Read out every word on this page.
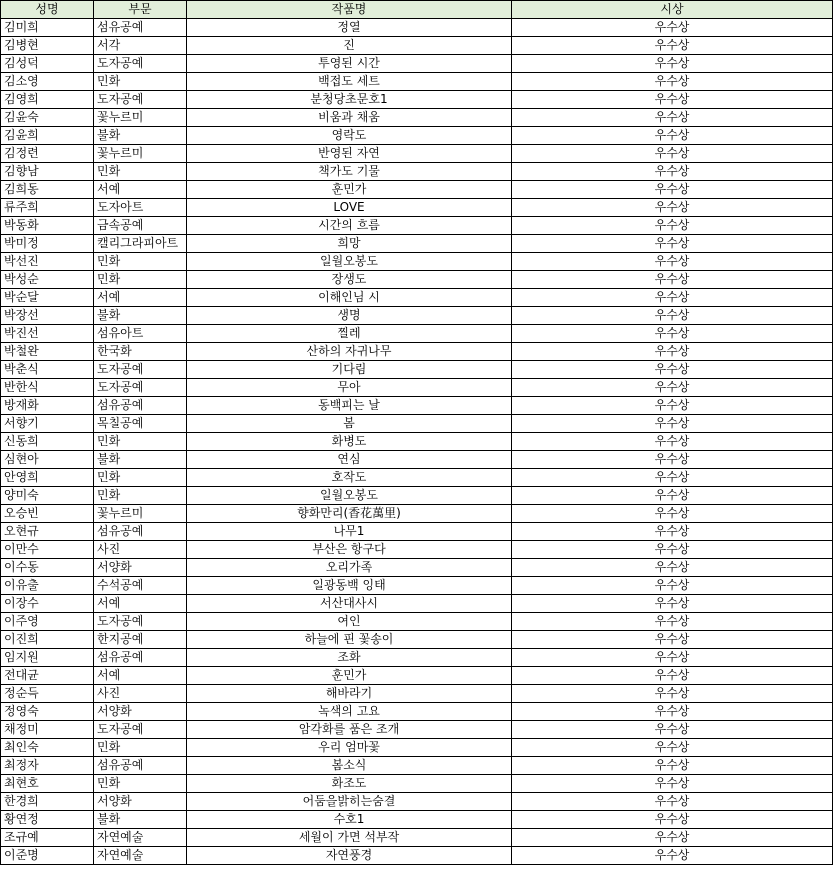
성명	부문	작품명	시상
김미희	섬유공예	정열	우수상
김병현	서각	진	우수상
김성덕	도자공예	투영된 시간	우수상
김소영	민화	백접도 세트	우수상
김영희	도자공예	분청당초문호1	우수상
김윤숙	꽃누르미	비움과 채움	우수상
김윤희	불화	영락도	우수상
김정련	꽃누르미	반영된 자연	우수상
김향남	민화	책가도 기물	우수상
김희동	서예	훈민가	우수상
류주희	도자아트	LOVE	우수상
박동화	금속공예	시간의 흐름	우수상
박미정	캘리그라피아트	희망	우수상
박선진	민화	일월오봉도	우수상
박성순	민화	장생도	우수상
박순달	서예	이해인님 시	우수상
박장선	불화	생명	우수상
박진선	섬유아트	찔레	우수상
박철완	한국화	산하의 자귀나무	우수상
박춘식	도자공예	기다림	우수상
반한식	도자공예	무아	우수상
방재화	섬유공예	동백피는 날	우수상
서향기	목칠공예	봄	우수상
신동희	민화	화병도	우수상
심현아	불화	연심	우수상
안영희	민화	호작도	우수상
양미숙	민화	일월오봉도	우수상
오승빈	꽃누르미	향화만리(香花萬里)	우수상
오현규	섬유공예	나무1	우수상
이만수	사진	부산은 항구다	우수상
이수동	서양화	오리가족	우수상
이유출	수석공예	일광동백 잉태	우수상
이장수	서예	서산대사시	우수상
이주영	도자공예	여인	우수상
이진희	한지공예	하늘에 핀 꽃송이	우수상
임지원	섬유공예	조화	우수상
전대균	서예	훈민가	우수상
정순득	사진	해바라기	우수상
정영숙	서양화	녹색의 고요	우수상
채정미	도자공예	암각화를 품은 조개	우수상
최인숙	민화	우리 엄마꽃	우수상
최정자	섬유공예	봄소식	우수상
최현호	민화	화조도	우수상
한경희	서양화	어둠을밝히는숨결	우수상
황연정	불화	수호1	우수상
조규예	자연예술	세월이 가면 석부작	우수상
이준명	자연예술	자연풍경	우수상
